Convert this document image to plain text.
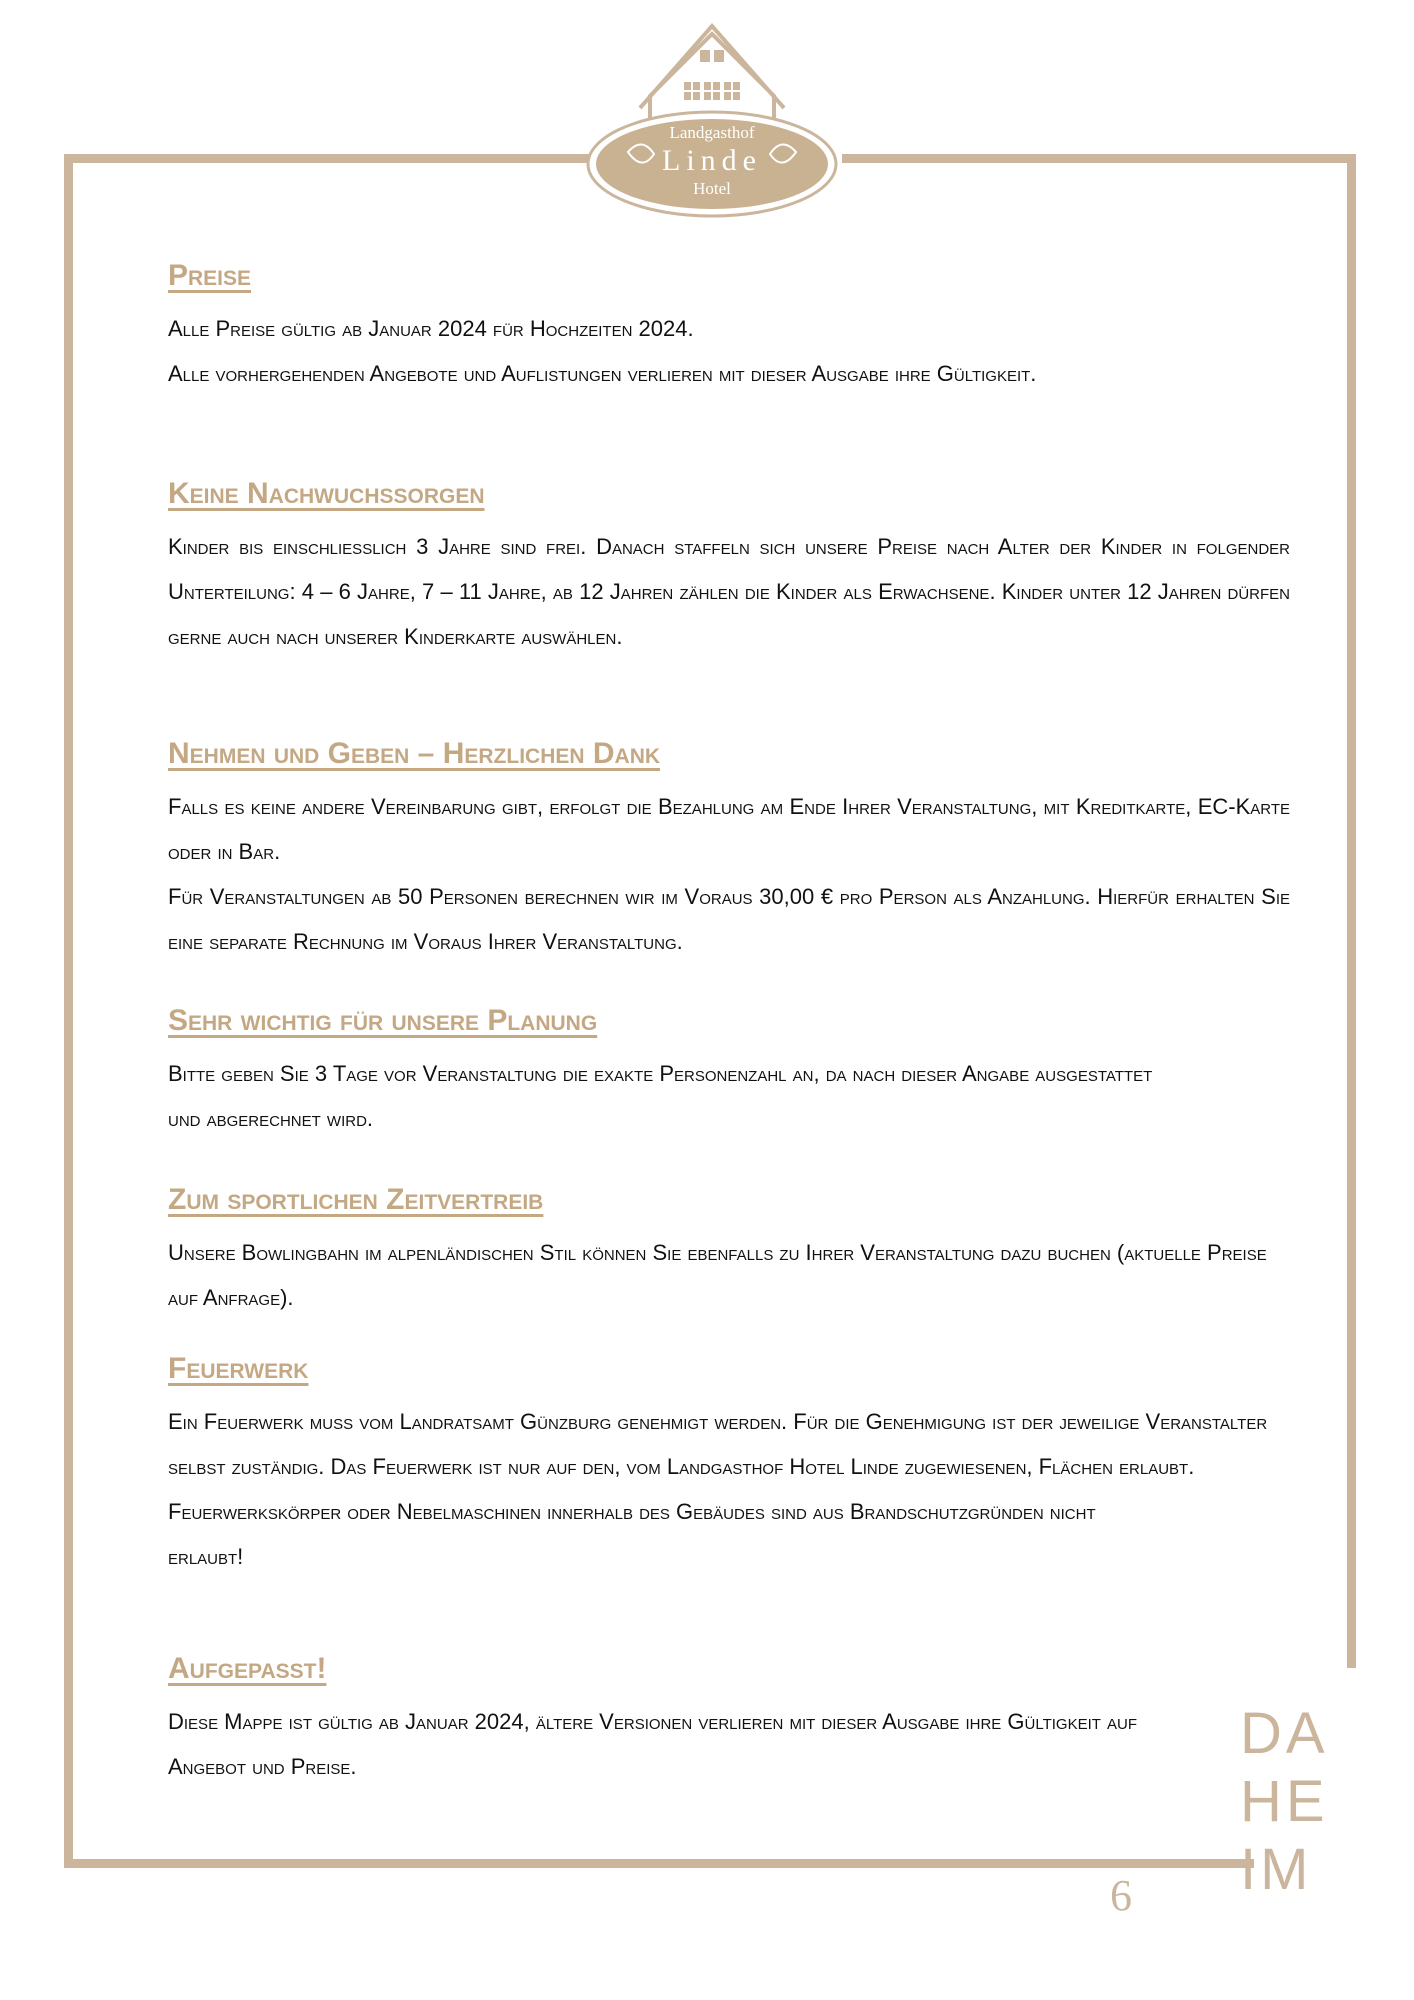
Landgasthof
Linde
Hotel
Preise

Alle Preise gültig ab Januar 2024 für Hochzeiten 2024.

Alle vorhergehenden Angebote und Auflistungen verlieren mit dieser Ausgabe ihre Gültigkeit.

Keine Nachwuchssorgen

Kinder bis einschließlich 3 Jahre sind frei. Danach staffeln sich unsere Preise nach Alter der Kinder in folgender Unterteilung: 4 – 6 Jahre, 7 – 11 Jahre, ab 12 Jahren zählen die Kinder als Erwachsene. Kinder unter 12 Jahren dürfen gerne auch nach unserer Kinderkarte auswählen.

Nehmen und Geben – Herzlichen Dank

Falls es keine andere Vereinbarung gibt, erfolgt die Bezahlung am Ende Ihrer Veranstaltung, mit Kreditkarte, EC-Karte oder in Bar.

Für Veranstaltungen ab 50 Personen berechnen wir im Voraus 30,00 € pro Person als Anzahlung. Hierfür erhalten Sie eine separate Rechnung im Voraus Ihrer Veranstaltung.

Sehr wichtig für unsere Planung

Bitte geben Sie 3 Tage vor Veranstaltung die exakte Personenzahl an, da nach dieser Angabe ausgestattet und abgerechnet wird.

Zum sportlichen Zeitvertreib

Unsere Bowlingbahn im alpenländischen Stil können Sie ebenfalls zu Ihrer Veranstaltung dazu buchen (aktuelle Preise auf Anfrage).

Feuerwerk

Ein Feuerwerk muss vom Landratsamt Günzburg genehmigt werden. Für die Genehmigung ist der jeweilige Veranstalter selbst zuständig. Das Feuerwerk ist nur auf den, vom Landgasthof Hotel Linde zugewiesenen, Flächen erlaubt.

Feuerwerkskörper oder Nebelmaschinen innerhalb des Gebäudes sind aus Brandschutzgründen nicht erlaubt!

Aufgepasst!

Diese Mappe ist gültig ab Januar 2024, ältere Versionen verlieren mit dieser Ausgabe ihre Gültigkeit auf Angebot und Preise.

DA
HE
IM
6
